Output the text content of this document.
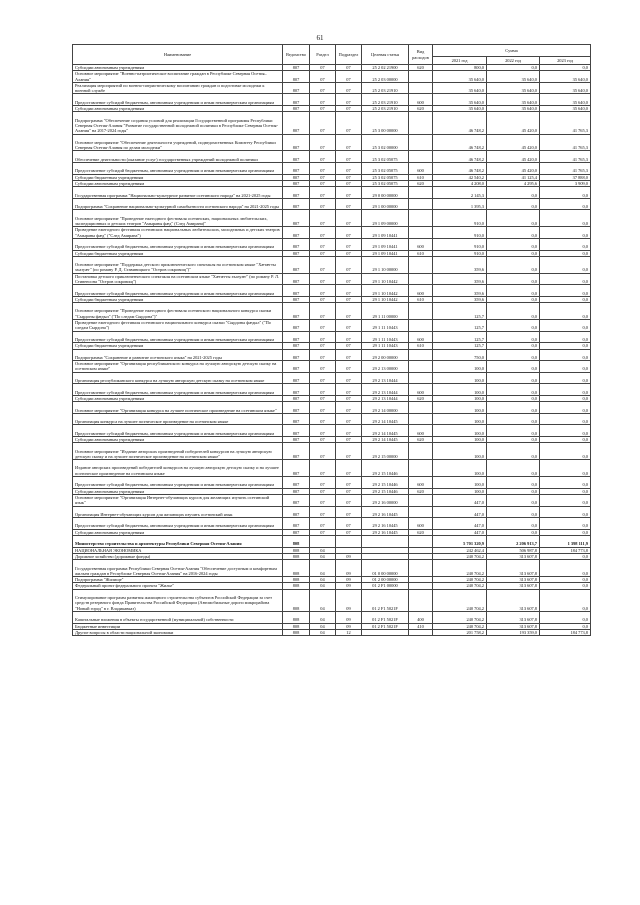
61
Наименование	Ведомство	Раздел	Подраздел	Целевая статья	Вид расходов	Сумма		
						2021 год	2022 год	2023 год
Субсидии автономным учреждениям	807	07	07	25 2 02 21900	620	800,0	0,0	0,0
Основное мероприятие "Военно-патриотическое воспитание граждан в Республике Северная Осетия–Алания"	807	07	07	25 2 03 00000		35 640,0	35 640,0	35 640,0
Реализация мероприятий по военно-патриотическому воспитанию граждан и подготовке молодежи к военной службе	807	07	07	25 2 03 21910		35 640,0	35 640,0	35 640,0
Предоставление субсидий бюджетным, автономным учреждениям и иным некоммерческим организациям	807	07	07	25 2 03 21910	600	35 640,0	35 640,0	35 640,0
Субсидии автономным учреждениям	807	07	07	25 2 03 21910	620	35 640,0	35 640,0	35 640,0
Подпрограмма "Обеспечение создания условий для реализации Государственной программы Республики Северная Осетия-Алания "Развитие государственной молодежной политики в Республике Северная Осетия-Алания" на 2017-2024 годы"	807	07	07	25 3 00 00000		46 748,2	45 420,0	41 765,3
Основное мероприятие "Обеспечение деятельности учреждений, подведомственных Комитету Республики Северная Осетия-Алания по делам молодежи"	807	07	07	25 3 02 00000		46 748,2	45 420,0	41 765,3
Обеспечение деятельности (оказание услуг) государственных учреждений молодежной политики	807	07	07	25 3 02 05075		46 748,2	45 420,0	41 765,3
Предоставление субсидий бюджетным, автономным учреждениям и иным некоммерческим организациям	807	07	07	25 3 02 05075	600	46 748,2	45 420,0	41 765,3
Субсидии бюджетным учреждениям	807	07	07	25 3 02 05075	610	42 540,2	41 125,4	37 888,0
Субсидии автономным учреждениям	807	07	07	25 3 02 05075	620	4 208,0	4 295,6	3 909,0
Государственная программа "Национально-культурное развитие осетинского народа" на 2021-2025 годы	807	07	07	29 0 00 00000		2 145,3	0,0	0,0
Подпрограмма "Сохранение национально-культурной самобытности осетинского народа" на 2021-2025 годы	807	07	07	29 1 00 00000		1 395,3	0,0	0,0
Основное мероприятие "Проведение ежегодного фестиваля осетинских, национальных любительских, экспедиционных и детских театров "Амыраны фæд" (След Амирана)"	807	07	07	29 1 09 00000		910,0	0,0	0,0
Проведение ежегодного фестиваля осетинских национальных любительских, молодежных и детских театров "Амыраны фæд" ("След Амирана")	807	07	07	29 1 09 10441		910,0	0,0	0,0
Предоставление субсидий бюджетным, автономным учреждениям и иным некоммерческим организациям	807	07	07	29 1 09 10441	600	910,0	0,0	0,0
Субсидии бюджетным учреждениям	807	07	07	29 1 09 10441	610	910,0	0,0	0,0
Основное мероприятие "Поддержка детского приключенческого спектакля на осетинском языке "Хæтæгты хъазуæг" (по роману Р. Д. Ставиницкого "Остров сокровищ")"	807	07	07	29 1 10 00000		359,6	0,0	0,0
Постановка детского приключенческого спектакля на осетинском языке "Хæтæгты хъазуæг" (по роману Р. Л. Стивенсона "Остров сокровищ")	807	07	07	29 1 10 10442		359,6	0,0	0,0
Предоставление субсидий бюджетным, автономным учреждениям и иным некоммерческим организациям	807	07	07	29 1 10 10442	600	359,6	0,0	0,0
Субсидии бюджетным учреждениям	807	07	07	29 1 10 10442	610	359,6	0,0	0,0
Основное мероприятие "Проведение ежегодного фестиваля осетинского национального конкурса сказки "Сырдоны фæдыл" ("По следам Сырдона")"	807	07	07	29 1 11 00000		125,7	0,0	0,0
Проведение ежегодного фестиваля осетинского национального конкурса сказки "Сырдоны фæдыл" ("По следам Сырдона")	807	07	07	29 1 11 10443		125,7	0,0	0,0
Предоставление субсидий бюджетным, автономным учреждениям и иным некоммерческим организациям	807	07	07	29 1 11 10443	600	125,7	0,0	0,0
Субсидии бюджетным учреждениям	807	07	07	29 1 11 10443	610	125,7	0,0	0,0
Подпрограмма "Сохранение и развитие осетинского языка" на 2021-2025 годы	807	07	07	29 2 00 00000		750,0	0,0	0,0
Основное мероприятие "Организация республиканского конкурса на лучшую авторскую детскую сказку на осетинском языке"	807	07	07	29 2 13 00000		100,0	0,0	0,0
Организация республиканского конкурса на лучшую авторскую детскую сказку на осетинском языке	807	07	07	29 2 13 10444		100,0	0,0	0,0
Предоставление субсидий бюджетным, автономным учреждениям и иным некоммерческим организациям	807	07	07	29 2 13 10444	600	100,0	0,0	0,0
Субсидии автономным учреждениям	807	07	07	29 2 13 10444	620	100,0	0,0	0,0
Основное мероприятие "Организация конкурса на лучшее поэтическое произведение на осетинском языке"	807	07	07	29 2 14 00000		100,0	0,0	0,0
Организация конкурса на лучшее поэтическое произведение на осетинском языке	807	07	07	29 2 14 10445		100,0	0,0	0,0
Предоставление субсидий бюджетным, автономным учреждениям и иным некоммерческим организациям	807	07	07	29 2 14 10445	600	100,0	0,0	0,0
Субсидии автономным учреждениям	807	07	07	29 2 14 10445	620	100,0	0,0	0,0
Основное мероприятие "Издание авторских произведений победителей конкурсов на лучшую авторскую детскую сказку и на лучшее поэтическое произведение на осетинском языке"	807	07	07	29 2 15 00000		100,0	0,0	0,0
Издание авторских произведений победителей конкурсов на лучшую авторскую детскую сказку и на лучшее поэтическое произведение на осетинском языке	807	07	07	29 2 15 10446		100,0	0,0	0,0
Предоставление субсидий бюджетным, автономным учреждениям и иным некоммерческим организациям	807	07	07	29 2 15 10446	600	100,0	0,0	0,0
Субсидии автономным учреждениям	807	07	07	29 2 15 10446	620	100,0	0,0	0,0
Основное мероприятие "Организация Интернет-обучающих курсов для желающих изучить осетинский язык"	807	07	07	29 2 16 00000		447,0	0,0	0,0
Организация Интернет-обучающих курсов для желающих изучить осетинский язык	807	07	07	29 2 16 10445		447,0	0,0	0,0
Предоставление субсидий бюджетным, автономным учреждениям и иным некоммерческим организациям	807	07	07	29 2 16 10445	600	447,0	0,0	0,0
Субсидии автономным учреждениям	807	07	07	29 2 16 10445	620	447,0	0,0	0,0
Министерство строительства и архитектуры Республики Северная Осетия-Алания	808					5 701 320,9	2 206 913,7	1 398 111,9
НАЦИОНАЛЬНАЯ ЭКОНОМИКА	808	04				242 462,4	506 987,8	184 773,8
Дорожное хозяйство (дорожные фонды)	808	04	09			240 704,2	313 607,8	0,0
Государственная программа Республики Северная Осетия-Алания "Обеспечение доступным и комфортным жильем граждан в Республике Северная Осетия-Алания" на 2016-2024 годы	808	04	09	01 0 00 00000		240 704,2	313 607,8	0,0
Подпрограмма "Жилище"	808	04	09	01 2 00 00000		240 704,2	313 607,8	0,0
Федеральный проект федерального проекта "Жилье"	808	04	09	01 2 F1 00000		240 704,2	313 607,8	0,0
Стимулирование программ развития жилищного строительства субъектов Российской Федерации за счет средств резервного фонда Правительства Российской Федерации (Автомобильные дороги микрорайона "Новый город" в г. Владикавказ)	808	04	09	01 2 F1 5021F		240 704,2	313 607,8	0,0
Капитальные вложения в объекты государственной (муниципальной) собственности	808	04	09	01 2 F1 5021F	400	240 704,2	313 607,8	0,0
Бюджетные инвестиции	808	04	09	01 2 F1 5021F	410	240 704,2	313 607,8	0,0
Другие вопросы в области национальной экономики	808	04	12			201 758,2	193 359,0	184 773,8
